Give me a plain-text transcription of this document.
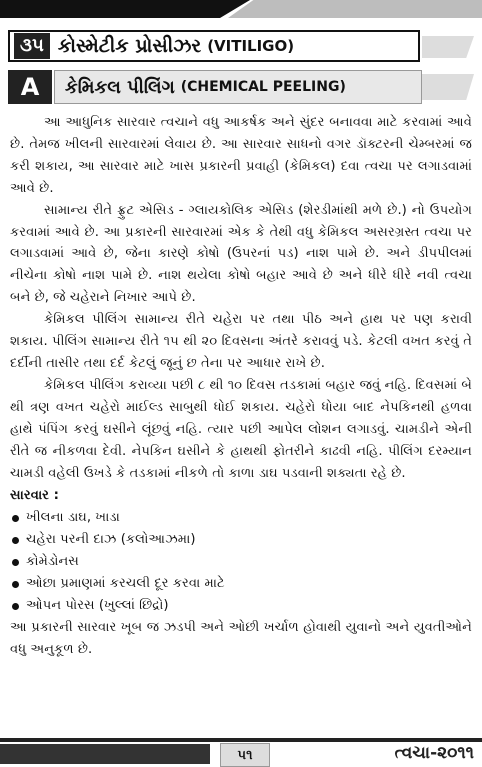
૩૫ કોસ્મેટીક પ્રોસીઝર (VITILIGO)
A	કેમિકલ પીલિંગ (CHEMICAL PEELING)

આ આધુનિક સારવાર ત્વચાને વધુ આકર્ષક અને સુંદર બનાવવા માટે કરવામાં આવે છે. તેમજ ખીલની સારવારમાં લેવાય છે. આ સારવાર સાધનો વગર ડૉક્ટરની ચેમ્બરમાં જ કરી શકાય, આ સારવાર માટે ખાસ પ્રકારની પ્રવાહી (કેમિકલ) દવા ત્વચા પર લગાડવામાં આવે છે.

સામાન્ય રીતે ફ્રુટ એસિડ - ગ્લાયકોલિક એસિડ (શેરડીમાંથી મળે છે.) નો ઉપયોગ કરવામાં આવે છે. આ પ્રકારની સારવારમાં એક કે તેથી વધુ કેમિકલ અસરગ્રસ્ત ત્વચા પર લગાડવામાં આવે છે, જેના કારણે કોષો (ઉપરનાં પડ) નાશ પામે છે. અને ડીપપીલમાં નીચેના કોષો નાશ પામે છે. નાશ થયેલા કોષો બહાર આવે છે અને ધીરે ધીરે નવી ત્વચા બને છે, જે ચહેરાને નિખાર આપે છે.

કેમિકલ પીલિંગ સામાન્ય રીતે ચહેરા પર તથા પીઠ અને હાથ પર પણ કરાવી શકાય. પીલિંગ સામાન્ય રીતે ૧૫ થી ૨૦ દિવસના અંતરે કરાવવું પડે. કેટલી વખત કરવું તે દર્દીની તાસીર તથા દર્દ કેટલું જૂનું છ તેના પર આધાર રાખે છે.

કેમિકલ પીલિંગ કરાવ્યા પછી ૮ થી ૧૦ દિવસ તડકામાં બહાર જવું નહિ. દિવસમાં બે થી ત્રણ વખત ચહેરો માઈલ્ડ સાબુથી ધોઈ શકાય. ચહેરો ધોયા બાદ નેપકિનથી હળવા હાથે પંપિંગ કરવું ઘસીને લૂંછવું નહિ. ત્યાર પછી આપેલ લોશન લગાડવું. ચામડીને એની રીતે જ નીકળવા દેવી. નેપકિન ઘસીને કે હાથથી ફોતરીને કાઢવી નહિ. પીલિંગ દરમ્યાન ચામડી વહેલી ઉખડે કે તડકામાં નીકળે તો કાળા ડાઘ પડવાની શક્યતા રહે છે.

સારવાર :

ખીલના ડાઘ, ખાડા
ચહેરા પરની દાઝ (કલોઆઝમા)
કોમેડોનસ
ઓછા પ્રમાણમાં કરચલી દૂર કરવા માટે
ઓપન પોરસ (ખુલ્લાં છિદ્રો)

આ પ્રકારની સારવાર ખૂબ જ ઝડપી અને ઓછી ખર્ચાળ હોવાથી યુવાનો અને યુવતીઓને વધુ અનુકૂળ છે.

૫૧	ત્વચા-૨૦૧૧
